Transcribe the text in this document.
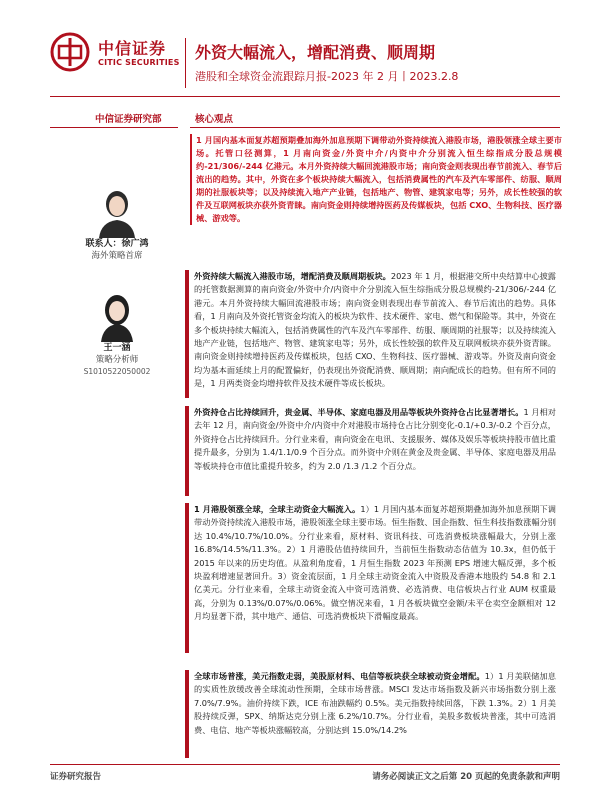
中信证券
CITIC SECURITIES
外资大幅流入，增配消费、顺周期
港股和全球资金流跟踪月报-2023 年 2 月丨2023.2.8
中信证券研究部	核心观点

1 月国内基本面复苏超预期叠加海外加息预期下调带动外资持续流入港股市场，港股领涨全球主要市场。托管口径测算，1 月南向资金/外资中介/内资中介分别流入恒生综指成分股总规模约-21/306/-244 亿港元。本月外资持续大幅回流港股市场；南向资金则表现出春节前流入、春节后流出的趋势。其中，外资在多个板块持续大幅流入，包括消费属性的汽车及汽车零部件、纺服、顺周期的社服板块等；以及持续流入地产产业链，包括地产、物管、建筑家电等；另外，成长性较强的软件及互联网板块亦获外资青睐。南向资金则持续增持医药及传媒板块，包括 CXO、生物科技、医疗器械、游戏等。

联系人：徐广鸿
海外策略首席
王一涵
策略分析师
S1010522050002

外资持续大幅流入港股市场，增配消费及顺周期板块。2023 年 1 月，根据港交所中央结算中心披露的托管数据测算的南向资金/外资中介/内资中介分别流入恒生综指成分股总规模约-21/306/-244 亿港元。本月外资持续大幅回流港股市场；南向资金则表现出春节前流入、春节后流出的趋势。具体看，1 月南向及外资托管资金均流入的板块为软件、技术硬件、家电、燃气和保险等。其中，外资在多个板块持续大幅流入，包括消费属性的汽车及汽车零部件、纺服、顺周期的社服等；以及持续流入地产产业链，包括地产、物管、建筑家电等；另外，成长性较强的软件及互联网板块亦获外资青睐。南向资金则持续增持医药及传媒板块，包括 CXO、生物科技、医疗器械、游戏等。外资及南向资金均为基本面延续上月的配置偏好，仍表现出外资配消费、顺周期；南向配成长的趋势。但有所不同的是，1 月两类资金均增持软件及技术硬件等成长板块。

外资持仓占比持续回升，贵金属、半导体、家庭电器及用品等板块外资持仓占比显著增长。1 月相对去年 12 月，南向资金/外资中介/内资中介对港股市场持仓占比分别变化-0.1/+0.3/-0.2 个百分点，外资持仓占比持续回升。分行业来看，南向资金在电讯、支援服务、媒体及娱乐等板块持股市值比重提升最多，分别为 1.4/1.1/0.9 个百分点。而外资中介则在黄金及贵金属、半导体、家庭电器及用品等板块持仓市值比重提升较多，约为 2.0 /1.3 /1.2 个百分点。

1 月港股领涨全球，全球主动资金大幅流入。1）1 月国内基本面复苏超预期叠加海外加息预期下调带动外资持续流入港股市场，港股领涨全球主要市场。恒生指数、国企指数、恒生科技指数涨幅分别达 10.4%/10.7%/10.0%。分行业来看，原材料、资讯科技、可选消费板块涨幅最大，分别上涨 16.8%/14.5%/11.3%。2）1 月港股估值持续回升，当前恒生指数动态估值为 10.3x，但仍低于 2015 年以来的历史均值。从盈利角度看，1 月恒生指数 2023 年预测 EPS 增速大幅反弹，多个板块盈利增速显著回升。3）资金流层面，1 月全球主动资金流入中资股及香港本地股约 54.8 和 2.1 亿美元。分行业来看，全球主动资金流入中资可选消费、必选消费、电信板块占行业 AUM 权重最高，分别为 0.13%/0.07%/0.06%。做空情况来看，1 月各板块做空金额/未平仓卖空金额相对 12 月均显著下滑，其中地产、通信、可选消费板块下滑幅度最高。

全球市场普涨，美元指数走弱，美股原材料、电信等板块获全球被动资金增配。1）1 月美联储加息的实质性放缓改善全球流动性预期，全球市场普涨。MSCI 发达市场指数及新兴市场指数分别上涨 7.0%/7.9%。油价持续下跌，ICE 布油跌幅约 0.5%。美元指数持续回落，下跌 1.3%。2）1 月美股持续反弹，SPX、纳斯达克分别上涨 6.2%/10.7%。分行业看，美股多数板块普涨，其中可选消费、电信、地产等板块涨幅较高，分别达到 15.0%/14.2%

证券研究报告	请务必阅读正文之后第 20 页起的免责条款和声明
